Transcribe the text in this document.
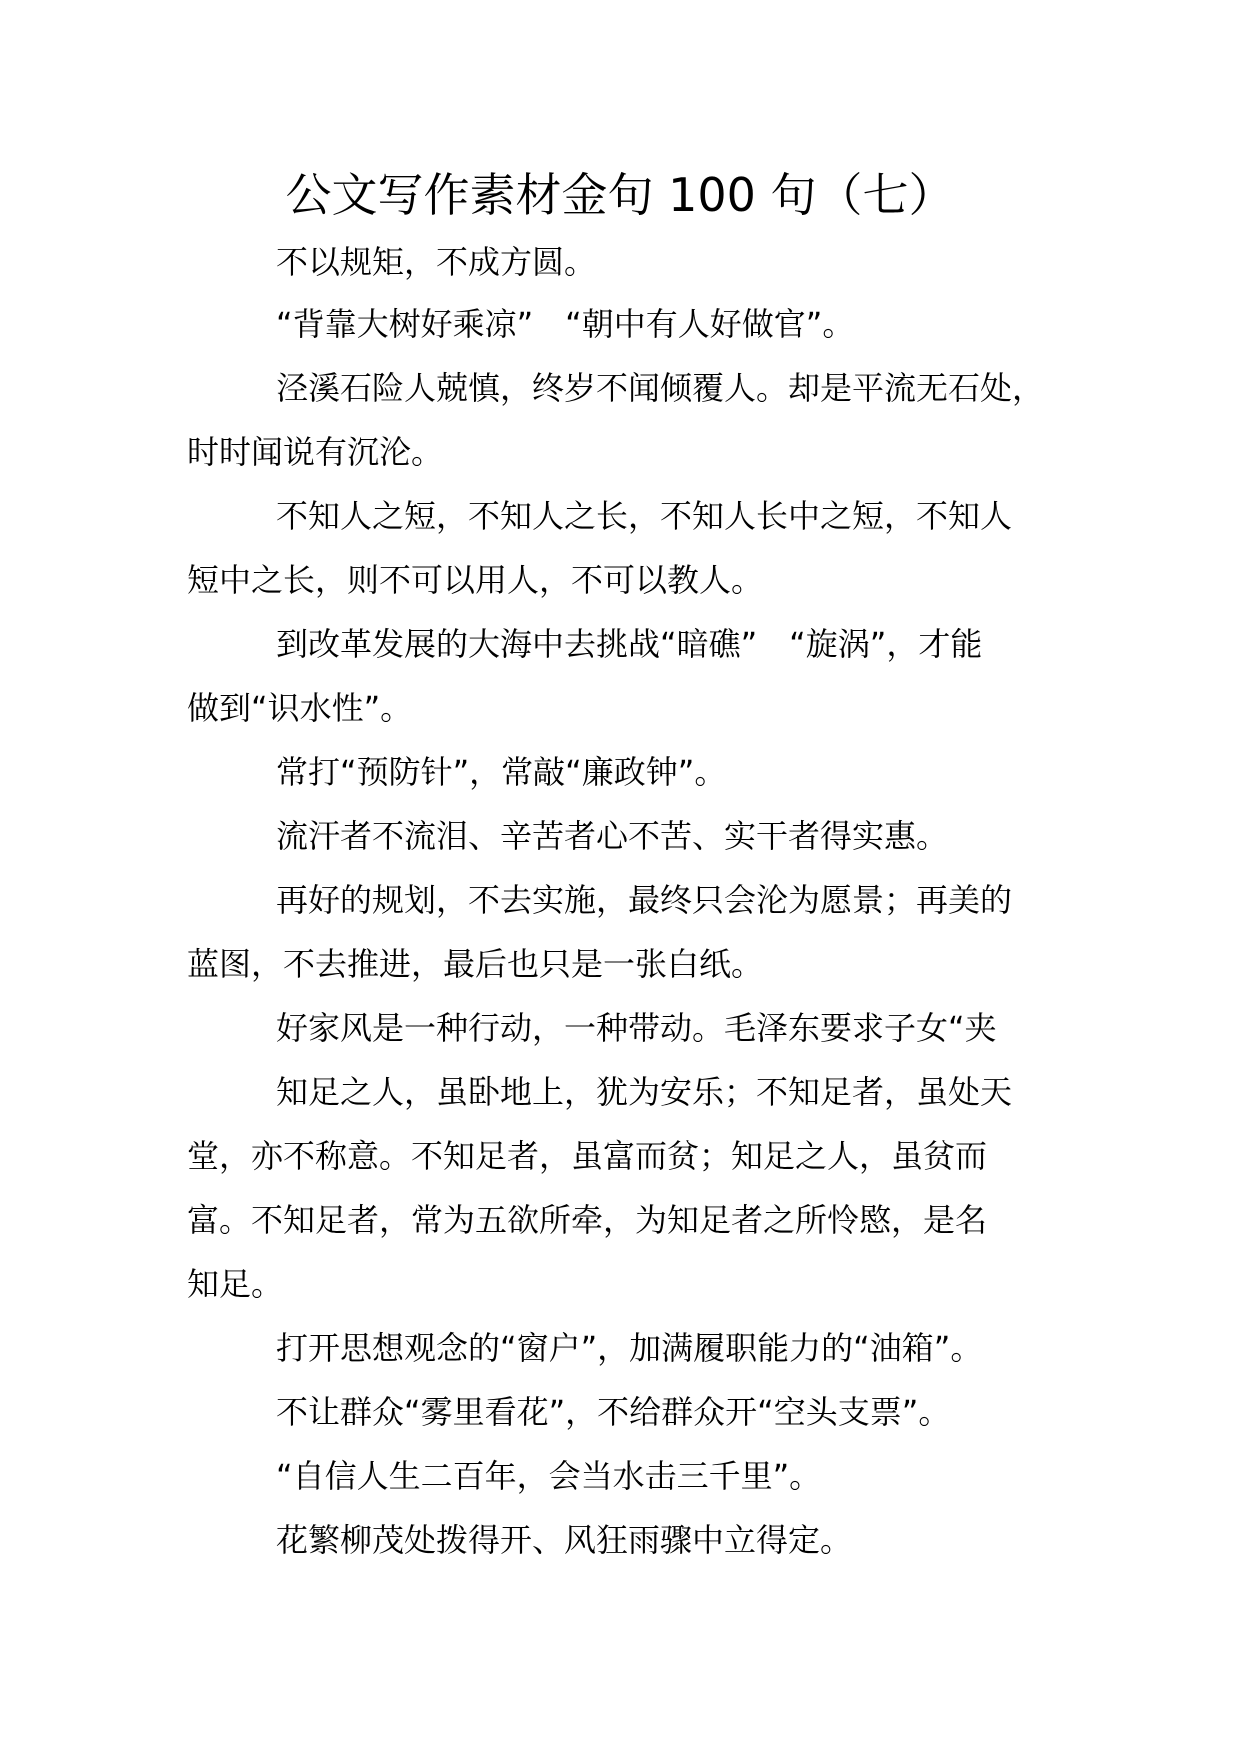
公文写作素材金句 100 句（七）
不以规矩，不成方圆。
“背靠大树好乘凉”　“朝中有人好做官”。
泾溪石险人兢慎，终岁不闻倾覆人。却是平流无石处，
时时闻说有沉沦。
不知人之短，不知人之长，不知人长中之短，不知人
短中之长，则不可以用人，不可以教人。
到改革发展的大海中去挑战“暗礁”　“旋涡”，才能
做到“识水性”。
常打“预防针”，常敲“廉政钟”。
流汗者不流泪、辛苦者心不苦、实干者得实惠。
再好的规划，不去实施，最终只会沦为愿景；再美的
蓝图，不去推进，最后也只是一张白纸。
好家风是一种行动，一种带动。毛泽东要求子女“夹
知足之人，虽卧地上，犹为安乐；不知足者，虽处天
堂，亦不称意。不知足者，虽富而贫；知足之人，虽贫而
富。不知足者，常为五欲所牵，为知足者之所怜愍，是名
知足。
打开思想观念的“窗户”，加满履职能力的“油箱”。
不让群众“雾里看花”，不给群众开“空头支票”。
“自信人生二百年，会当水击三千里”。
花繁柳茂处拨得开、风狂雨骤中立得定。
